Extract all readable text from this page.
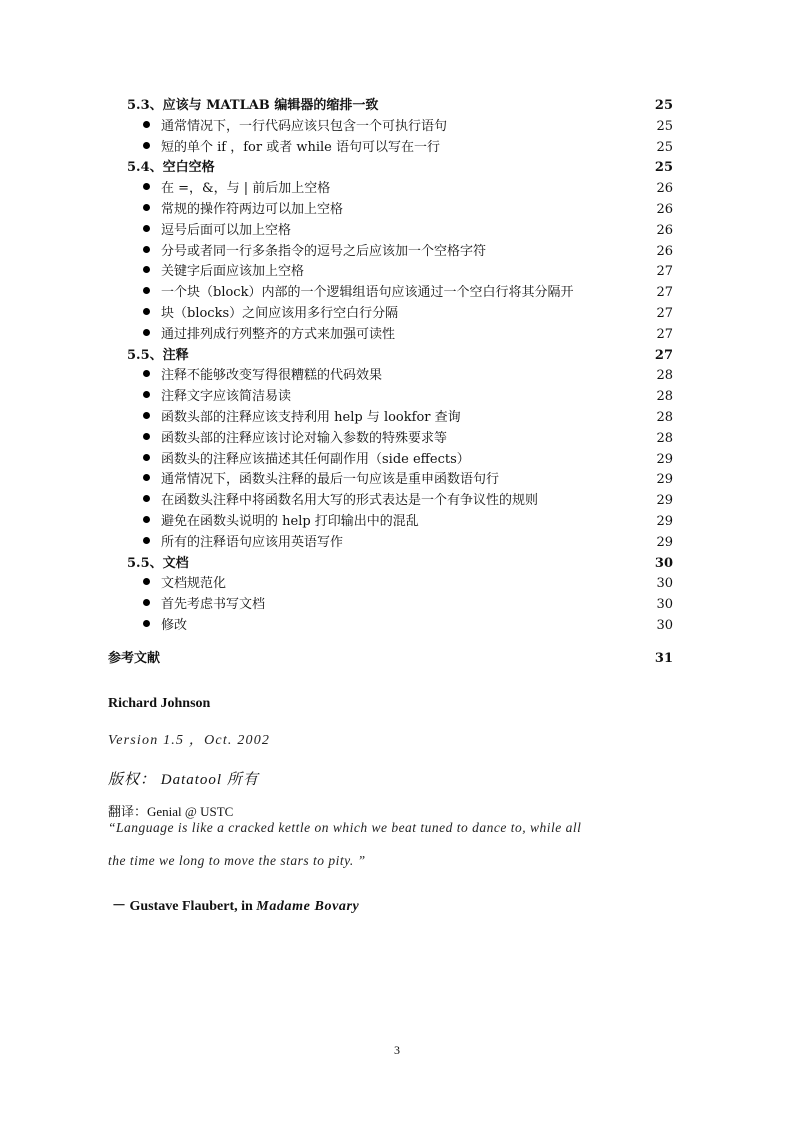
5.3、应该与 MATLAB 编辑器的缩排一致	25
通常情况下，一行代码应该只包含一个可执行语句	25
短的单个 if ，for 或者 while 语句可以写在一行	25
5.4、空白空格	25
在 =，&，与 | 前后加上空格	26
常规的操作符两边可以加上空格	26
逗号后面可以加上空格	26
分号或者同一行多条指令的逗号之后应该加一个空格字符	26
关键字后面应该加上空格	27
一个块（block）内部的一个逻辑组语句应该通过一个空白行将其分隔开	27
块（blocks）之间应该用多行空白行分隔	27
通过排列成行列整齐的方式来加强可读性	27
5.5、注释	27
注释不能够改变写得很糟糕的代码效果	28
注释文字应该简洁易读	28
函数头部的注释应该支持利用 help 与 lookfor 查询	28
函数头部的注释应该讨论对输入参数的特殊要求等	28
函数头的注释应该描述其任何副作用（side effects）	29
通常情况下，函数头注释的最后一句应该是重申函数语句行	29
在函数头注释中将函数名用大写的形式表达是一个有争议性的规则	29
避免在函数头说明的 help 打印输出中的混乱	29
所有的注释语句应该用英语写作	29
5.5、文档	30
文档规范化	30
首先考虑书写文档	30
修改	30
参考文献	31
Richard Johnson
Version 1.5 ，Oct. 2002
版权： Datatool 所有
翻译：Genial @ USTC
“Language is like a cracked kettle on which we beat tuned to dance to, while all
the time we long to move the stars to pity. ”
－ Gustave Flaubert, in Madame Bovary
3
